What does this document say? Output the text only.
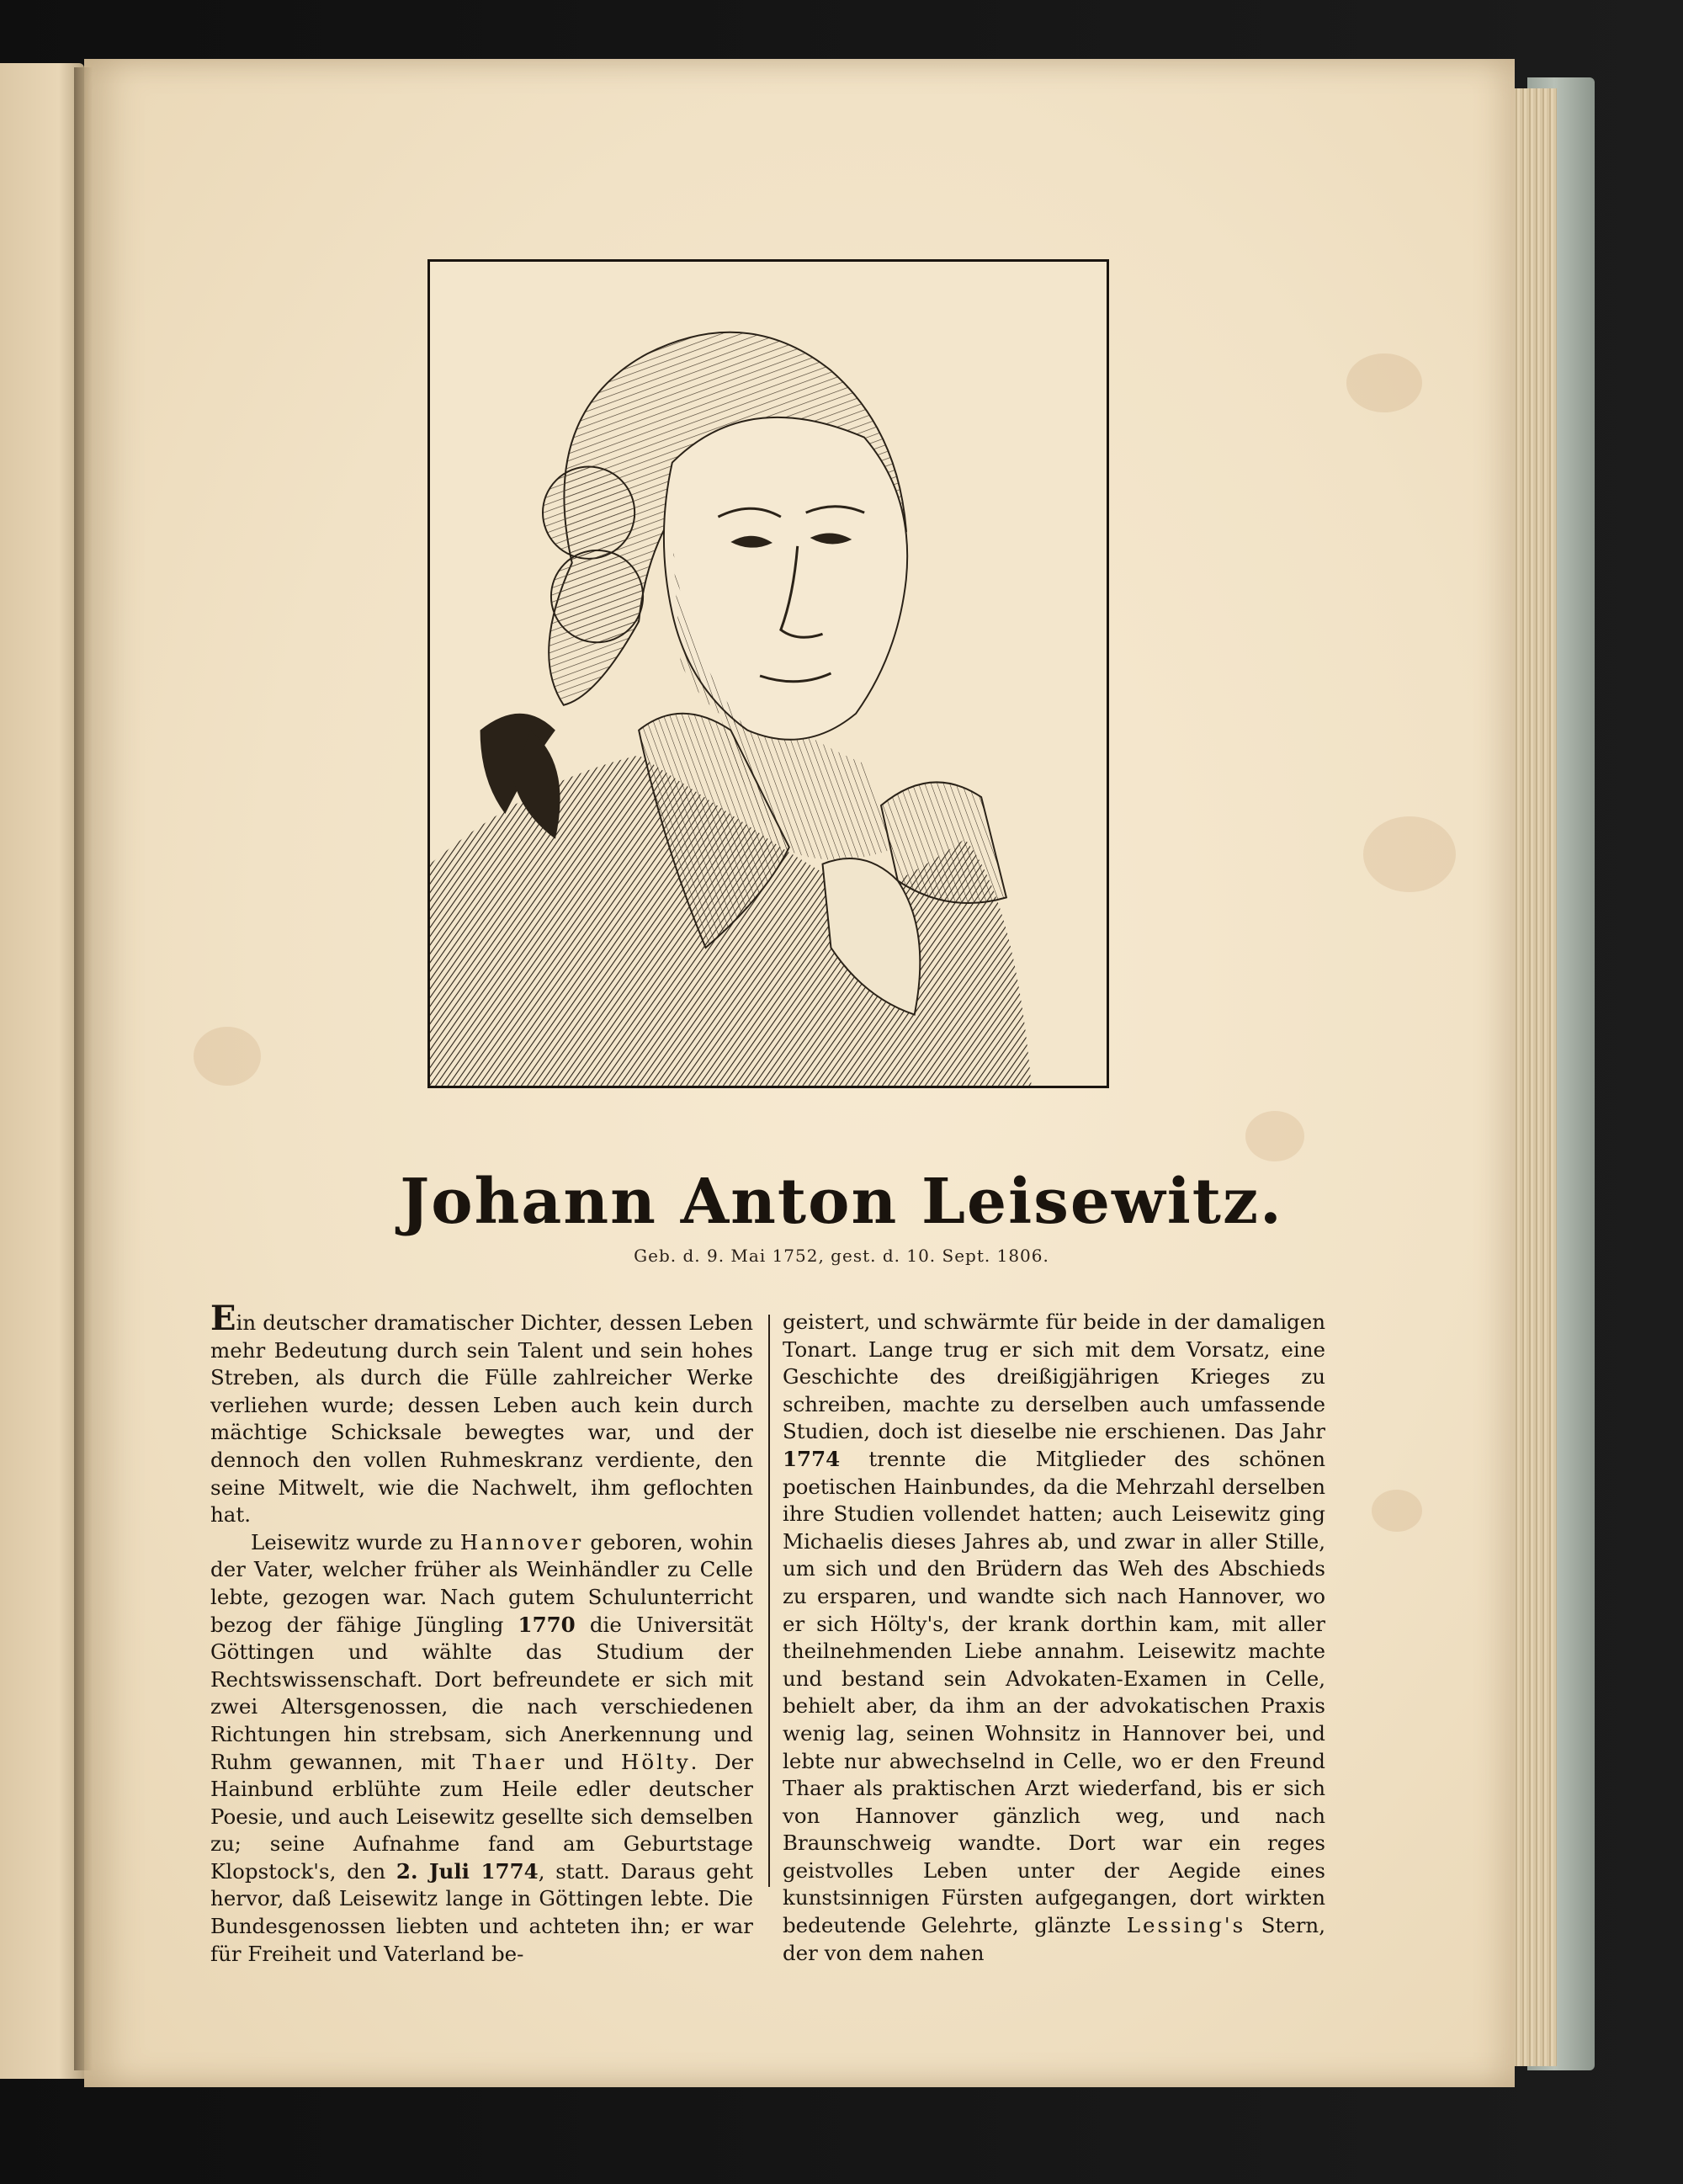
Johann Anton Leisewitz.
Geb. d. 9. Mai 1752, gest. d. 10. Sept. 1806.

Ein deutscher dramatischer Dichter, dessen Leben mehr Bedeutung durch sein Talent und sein hohes Streben, als durch die Fülle zahlreicher Werke verliehen wurde; dessen Leben auch kein durch mächtige Schicksale bewegtes war, und der dennoch den vollen Ruhmeskranz verdiente, den seine Mitwelt, wie die Nachwelt, ihm geflochten hat.

Leisewitz wurde zu Hannover geboren, wohin der Vater, welcher früher als Weinhändler zu Celle lebte, gezogen war. Nach gutem Schulunterricht bezog der fähige Jüngling 1770 die Universität Göttingen und wählte das Studium der Rechtswissenschaft. Dort befreundete er sich mit zwei Altersgenossen, die nach verschiedenen Richtungen hin strebsam, sich Anerkennung und Ruhm gewannen, mit Thaer und Hölty. Der Hainbund erblühte zum Heile edler deutscher Poesie, und auch Leisewitz gesellte sich demselben zu; seine Aufnahme fand am Geburtstage Klopstock's, den 2. Juli 1774, statt. Daraus geht hervor, daß Leisewitz lange in Göttingen lebte. Die Bundesgenossen liebten und achteten ihn; er war für Freiheit und Vaterland be-

geistert, und schwärmte für beide in der damaligen Tonart. Lange trug er sich mit dem Vorsatz, eine Geschichte des dreißigjährigen Krieges zu schreiben, machte zu derselben auch umfassende Studien, doch ist dieselbe nie erschienen. Das Jahr 1774 trennte die Mitglieder des schönen poetischen Hainbundes, da die Mehrzahl derselben ihre Studien vollendet hatten; auch Leisewitz ging Michaelis dieses Jahres ab, und zwar in aller Stille, um sich und den Brüdern das Weh des Abschieds zu ersparen, und wandte sich nach Hannover, wo er sich Hölty's, der krank dorthin kam, mit aller theilnehmenden Liebe annahm. Leisewitz machte und bestand sein Advokaten-Examen in Celle, behielt aber, da ihm an der advokatischen Praxis wenig lag, seinen Wohnsitz in Hannover bei, und lebte nur abwechselnd in Celle, wo er den Freund Thaer als praktischen Arzt wiederfand, bis er sich von Hannover gänzlich weg, und nach Braunschweig wandte. Dort war ein reges geistvolles Leben unter der Aegide eines kunstsinnigen Fürsten aufgegangen, dort wirkten bedeutende Gelehrte, glänzte Lessing's Stern, der von dem nahen
